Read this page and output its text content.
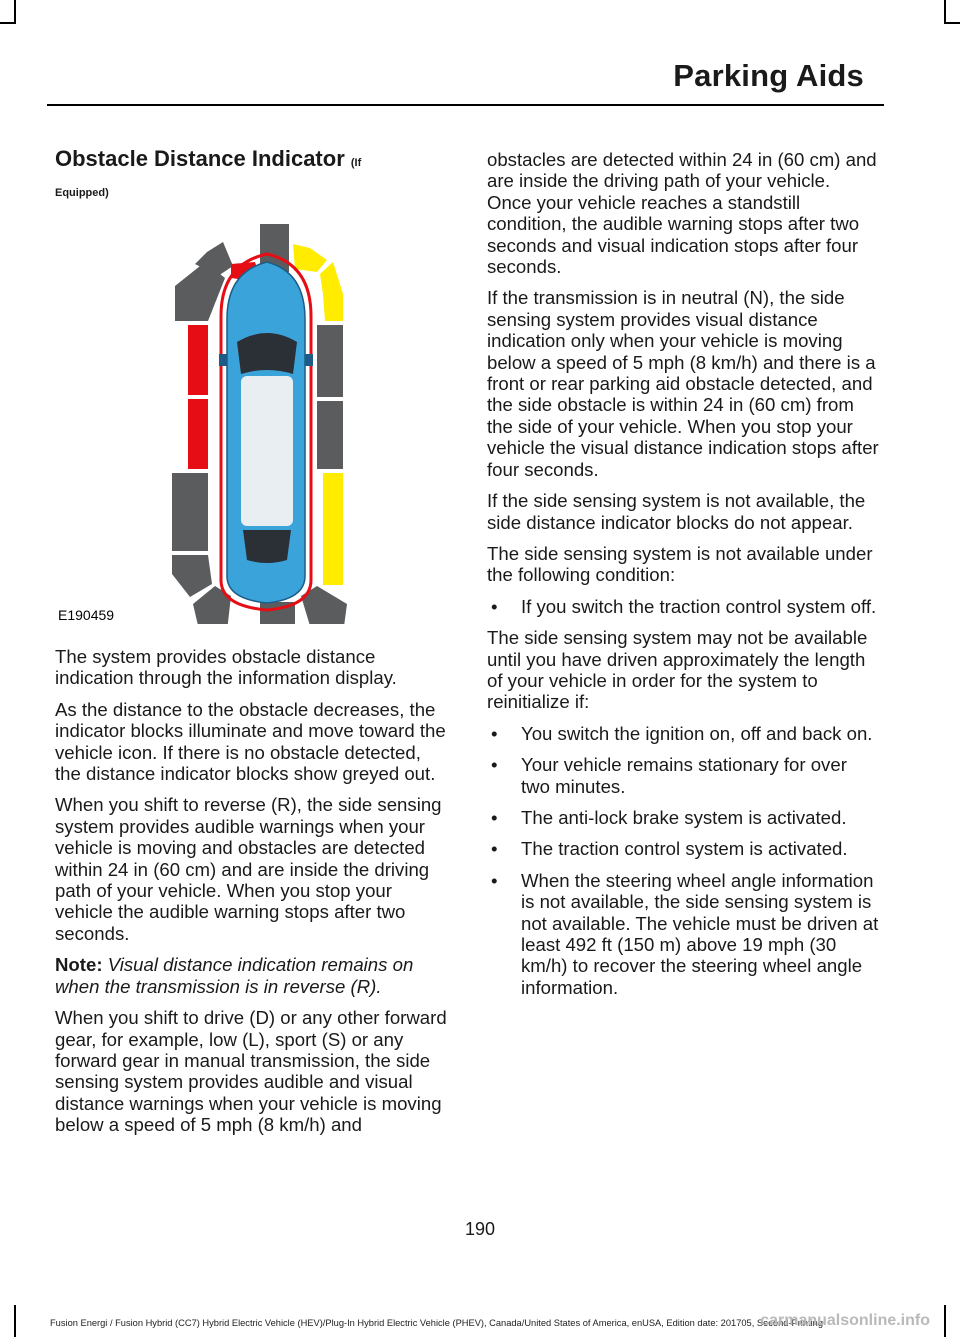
Parking Aids
Obstacle Distance Indicator (If
Equipped)
E190459

The system provides obstacle distance indication through the information display.

As the distance to the obstacle decreases, the indicator blocks illuminate and move toward the vehicle icon. If there is no obstacle detected, the distance indicator blocks show greyed out.

When you shift to reverse (R), the side sensing system provides audible warnings when your vehicle is moving and obstacles are detected within 24 in (60 cm) and are inside the driving path of your vehicle. When you stop your vehicle the audible warning stops after two seconds.

Note: Visual distance indication remains on when the transmission is in reverse (R).

When you shift to drive (D) or any other forward gear, for example, low (L), sport (S) or any forward gear in manual transmission, the side sensing system provides audible and visual distance warnings when your vehicle is moving below a speed of 5 mph (8 km/h) and

obstacles are detected within 24 in (60 cm) and are inside the driving path of your vehicle. Once your vehicle reaches a standstill condition, the audible warning stops after two seconds and visual indication stops after four seconds.

If the transmission is in neutral (N), the side sensing system provides visual distance indication only when your vehicle is moving below a speed of 5 mph (8 km/h) and there is a front or rear parking aid obstacle detected, and the side obstacle is within 24 in (60 cm) from the side of your vehicle. When you stop your vehicle the visual distance indication stops after four seconds.

If the side sensing system is not available, the side distance indicator blocks do not appear.

The side sensing system is not available under the following condition:

• If you switch the traction control system off.

The side sensing system may not be available until you have driven approximately the length of your vehicle in order for the system to reinitialize if:

• You switch the ignition on, off and back on.
• Your vehicle remains stationary for over two minutes.
• The anti-lock brake system is activated.
• The traction control system is activated.
• When the steering wheel angle information is not available, the side sensing system is not available. The vehicle must be driven at least 492 ft (150 m) above 19 mph (30 km/h) to recover the steering wheel angle information.
190
Fusion Energi / Fusion Hybrid (CC7) Hybrid Electric Vehicle (HEV)/Plug-In Hybrid Electric Vehicle (PHEV), Canada/United States of America, enUSA, Edition date: 201705, Second-Printing
carmanualsonline.info
